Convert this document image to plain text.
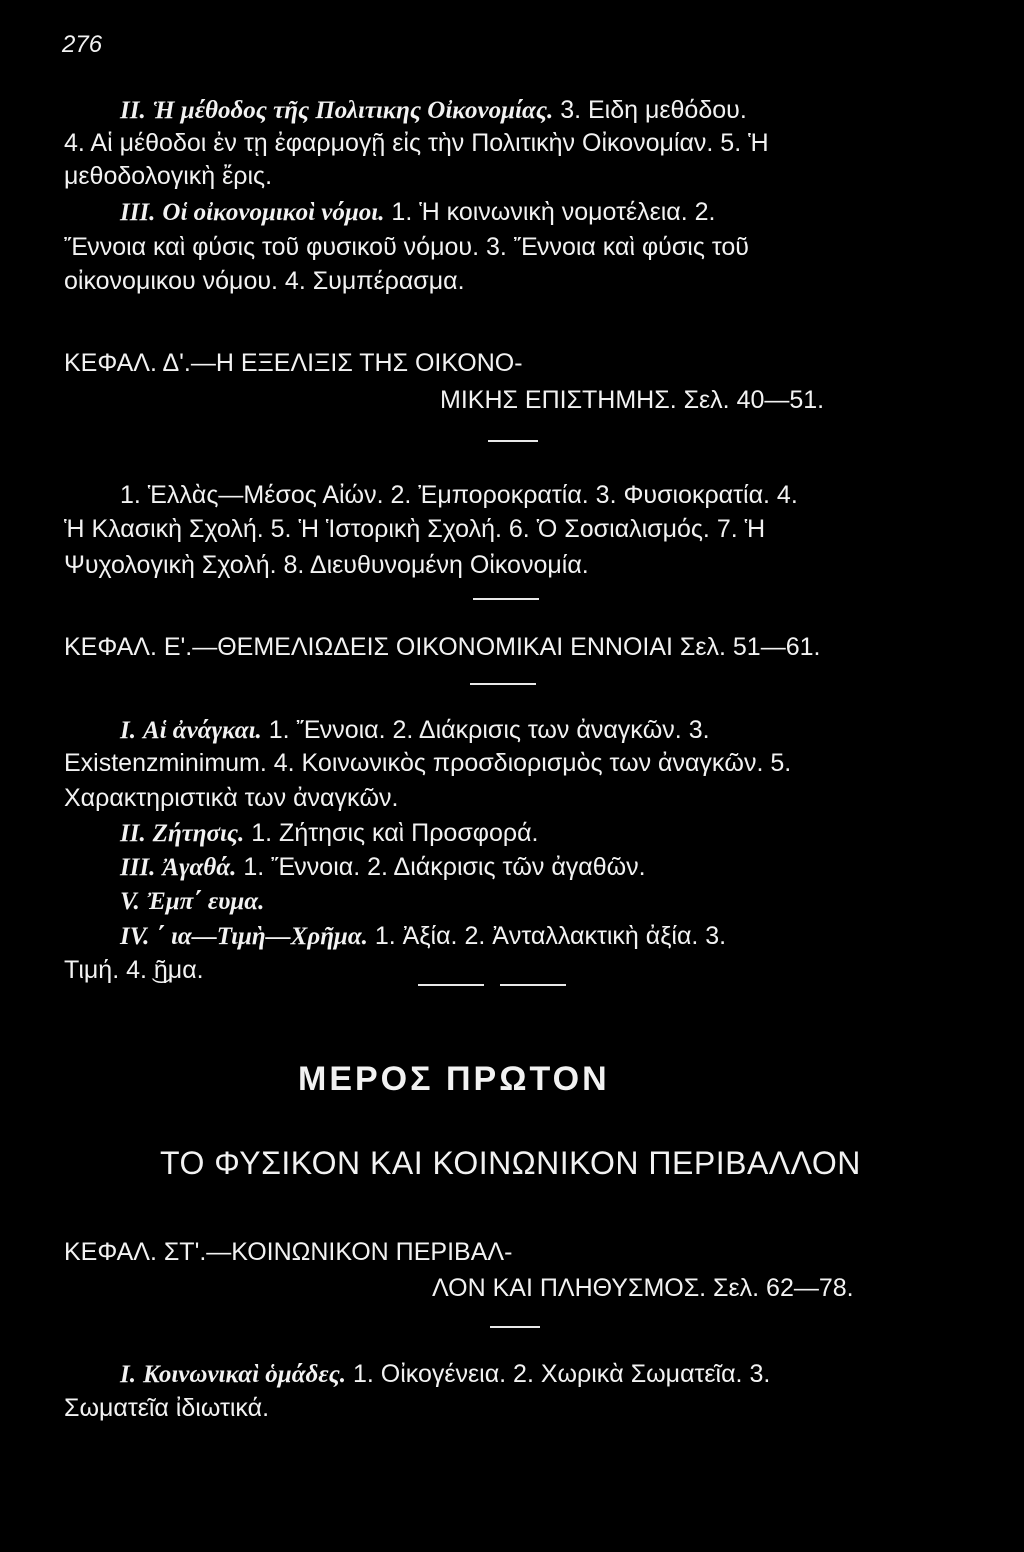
276
ΙΙ. Ἡ μέθοδος τῆς Πολιτικης Οἰκονομίας. 3. Ειδη μεθόδου.
4. Αἱ μέθοδοι ἐν τῃ ἐφαρμογῇ εἰς τὴν Πολιτικὴν Οἰκονομίαν. 5. Ἡ
μεθοδολογικὴ ἔρις.
ΙΙΙ. Οἱ οἰκονομικοὶ νόμοι. 1. Ἡ κοινωνικὴ νομοτέλεια. 2.
Ἔννοια καὶ φύσις τοῦ φυσικοῦ νόμου. 3. Ἔννοια καὶ φύσις τοῦ
οἰκονομικου νόμου. 4. Συμπέρασμα.
ΚΕΦΑΛ. Δ'.—Η ΕΞΕΛΙΞΙΣ ΤΗΣ ΟΙΚΟΝΟ-
ΜΙΚΗΣ ΕΠΙΣΤΗΜΗΣ. Σελ. 40—51.
1. Ἑλλὰς—Μέσος Αἰών. 2. Ἐμποροκρατία. 3. Φυσιοκρατία. 4.
Ἡ Κλασικὴ Σχολή. 5. Ἡ Ἱστορικὴ Σχολή. 6. Ὁ Σοσιαλισμός. 7. Ἡ
Ψυχολογικὴ Σχολή. 8. Διευθυνομένη Οἰκονομία.
ΚΕΦΑΛ. Ε'.—ΘΕΜΕΛΙΩΔΕΙΣ ΟΙΚΟΝΟΜΙΚΑΙ ΕΝΝΟΙΑΙ Σελ. 51—61.
Ι. Αἱ ἀνάγκαι. 1. Ἔννοια. 2. Διάκρισις των ἀναγκῶν. 3.
Existenzminimum. 4. Κοινωνικὸς προσδιορισμὸς των ἀναγκῶν. 5.
Χαρακτηριστικὰ των ἀναγκῶν.
ΙΙ. Ζήτησις. 1. Ζήτησις καὶ Προσφορά.
ΙΙΙ. Ἀγαθά. 1. Ἔννοια. 2. Διάκρισις τῶν ἀγαθῶν.
V. Ἐμπ΄ ευμα.
IV. ΄ ια—Τιμὴ—Χρῆμα. 1. Ἀξία. 2. Ἀνταλλακτικὴ ἀξία. 3.
Τιμή. 4. ͜ῆμα.
ΜΕΡΟΣ ΠΡΩΤΟΝ
ΤΟ ΦΥΣΙΚΟΝ ΚΑΙ ΚΟΙΝΩΝΙΚΟΝ ΠΕΡΙΒΑΛΛΟΝ
ΚΕΦΑΛ. ΣΤ'.—ΚΟΙΝΩΝΙΚΟΝ ΠΕΡΙΒΑΛ-
ΛΟΝ ΚΑΙ ΠΛΗΘΥΣΜΟΣ. Σελ. 62—78.
Ι. Κοινωνικαὶ ὁμάδες. 1. Οἰκογένεια. 2. Χωρικὰ Σωματεῖα. 3.
Σωματεῖα ἰδιωτικά.
